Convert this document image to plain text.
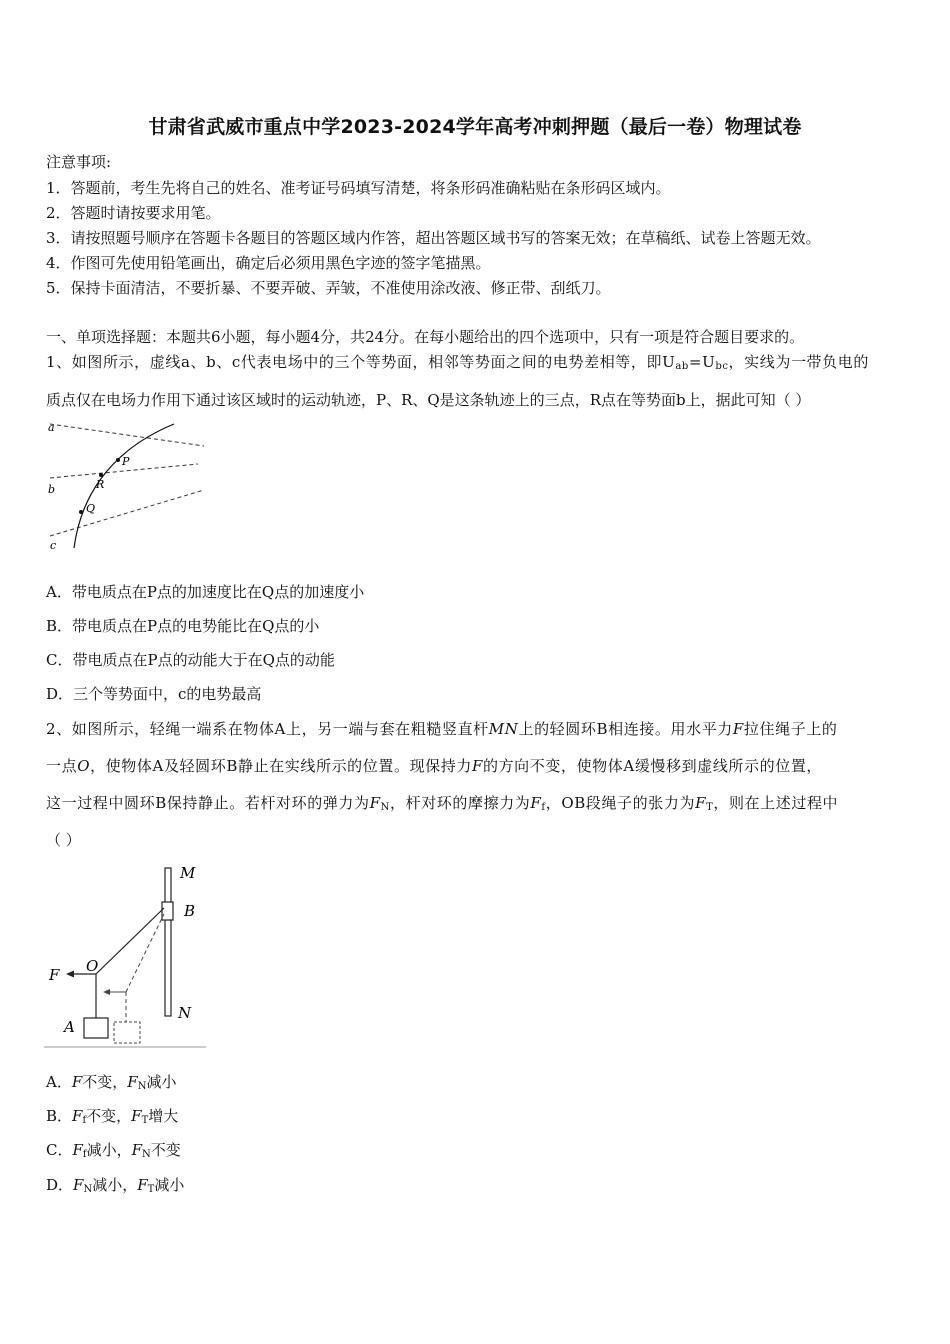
甘肃省武威市重点中学2023-2024学年高考冲刺押题（最后一卷）物理试卷
注意事项:
1．答题前，考生先将自己的姓名、准考证号码填写清楚，将条形码准确粘贴在条形码区域内。
2．答题时请按要求用笔。
3．请按照题号顺序在答题卡各题目的答题区域内作答，超出答题区域书写的答案无效；在草稿纸、试卷上答题无效。
4．作图可先使用铅笔画出，确定后必须用黑色字迹的签字笔描黑。
5．保持卡面清洁，不要折暴、不要弄破、弄皱，不准使用涂改液、修正带、刮纸刀。
一、单项选择题：本题共6小题，每小题4分，共24分。在每小题给出的四个选项中，只有一项是符合题目要求的。
1、如图所示，虚线a、b、c代表电场中的三个等势面，相邻等势面之间的电势差相等，即$U_{ab}=U_{bc}$，实线为一带负电的
质点仅在电场力作用下通过该区域时的运动轨迹，P、R、Q是这条轨迹上的三点，R点在等势面b上，据此可知（ ）
a
b
c
P
R
Q
A．带电质点在P点的加速度比在Q点的加速度小
B．带电质点在P点的电势能比在Q点的小
C．带电质点在P点的动能大于在Q点的动能
D．三个等势面中，c的电势最高
2、如图所示，轻绳一端系在物体A上，另一端与套在粗糙竖直杆MN上的轻圆环B相连接。用水平力F拉住绳子上的
一点O，使物体A及轻圆环B静止在实线所示的位置。现保持力F的方向不变，使物体A缓慢移到虚线所示的位置，
这一过程中圆环B保持静止。若杆对环的弹力为$F_N$，杆对环的摩擦力为$F_f$，OB段绳子的张力为$F_T$，则在上述过程中
（ ）
M
B
F O
A
N
A．F不变，$F_N$减小
B．$F_f$不变，$F_T$增大
C．$F_f$减小，$F_N$不变
D．$F_N$减小，$F_T$减小
